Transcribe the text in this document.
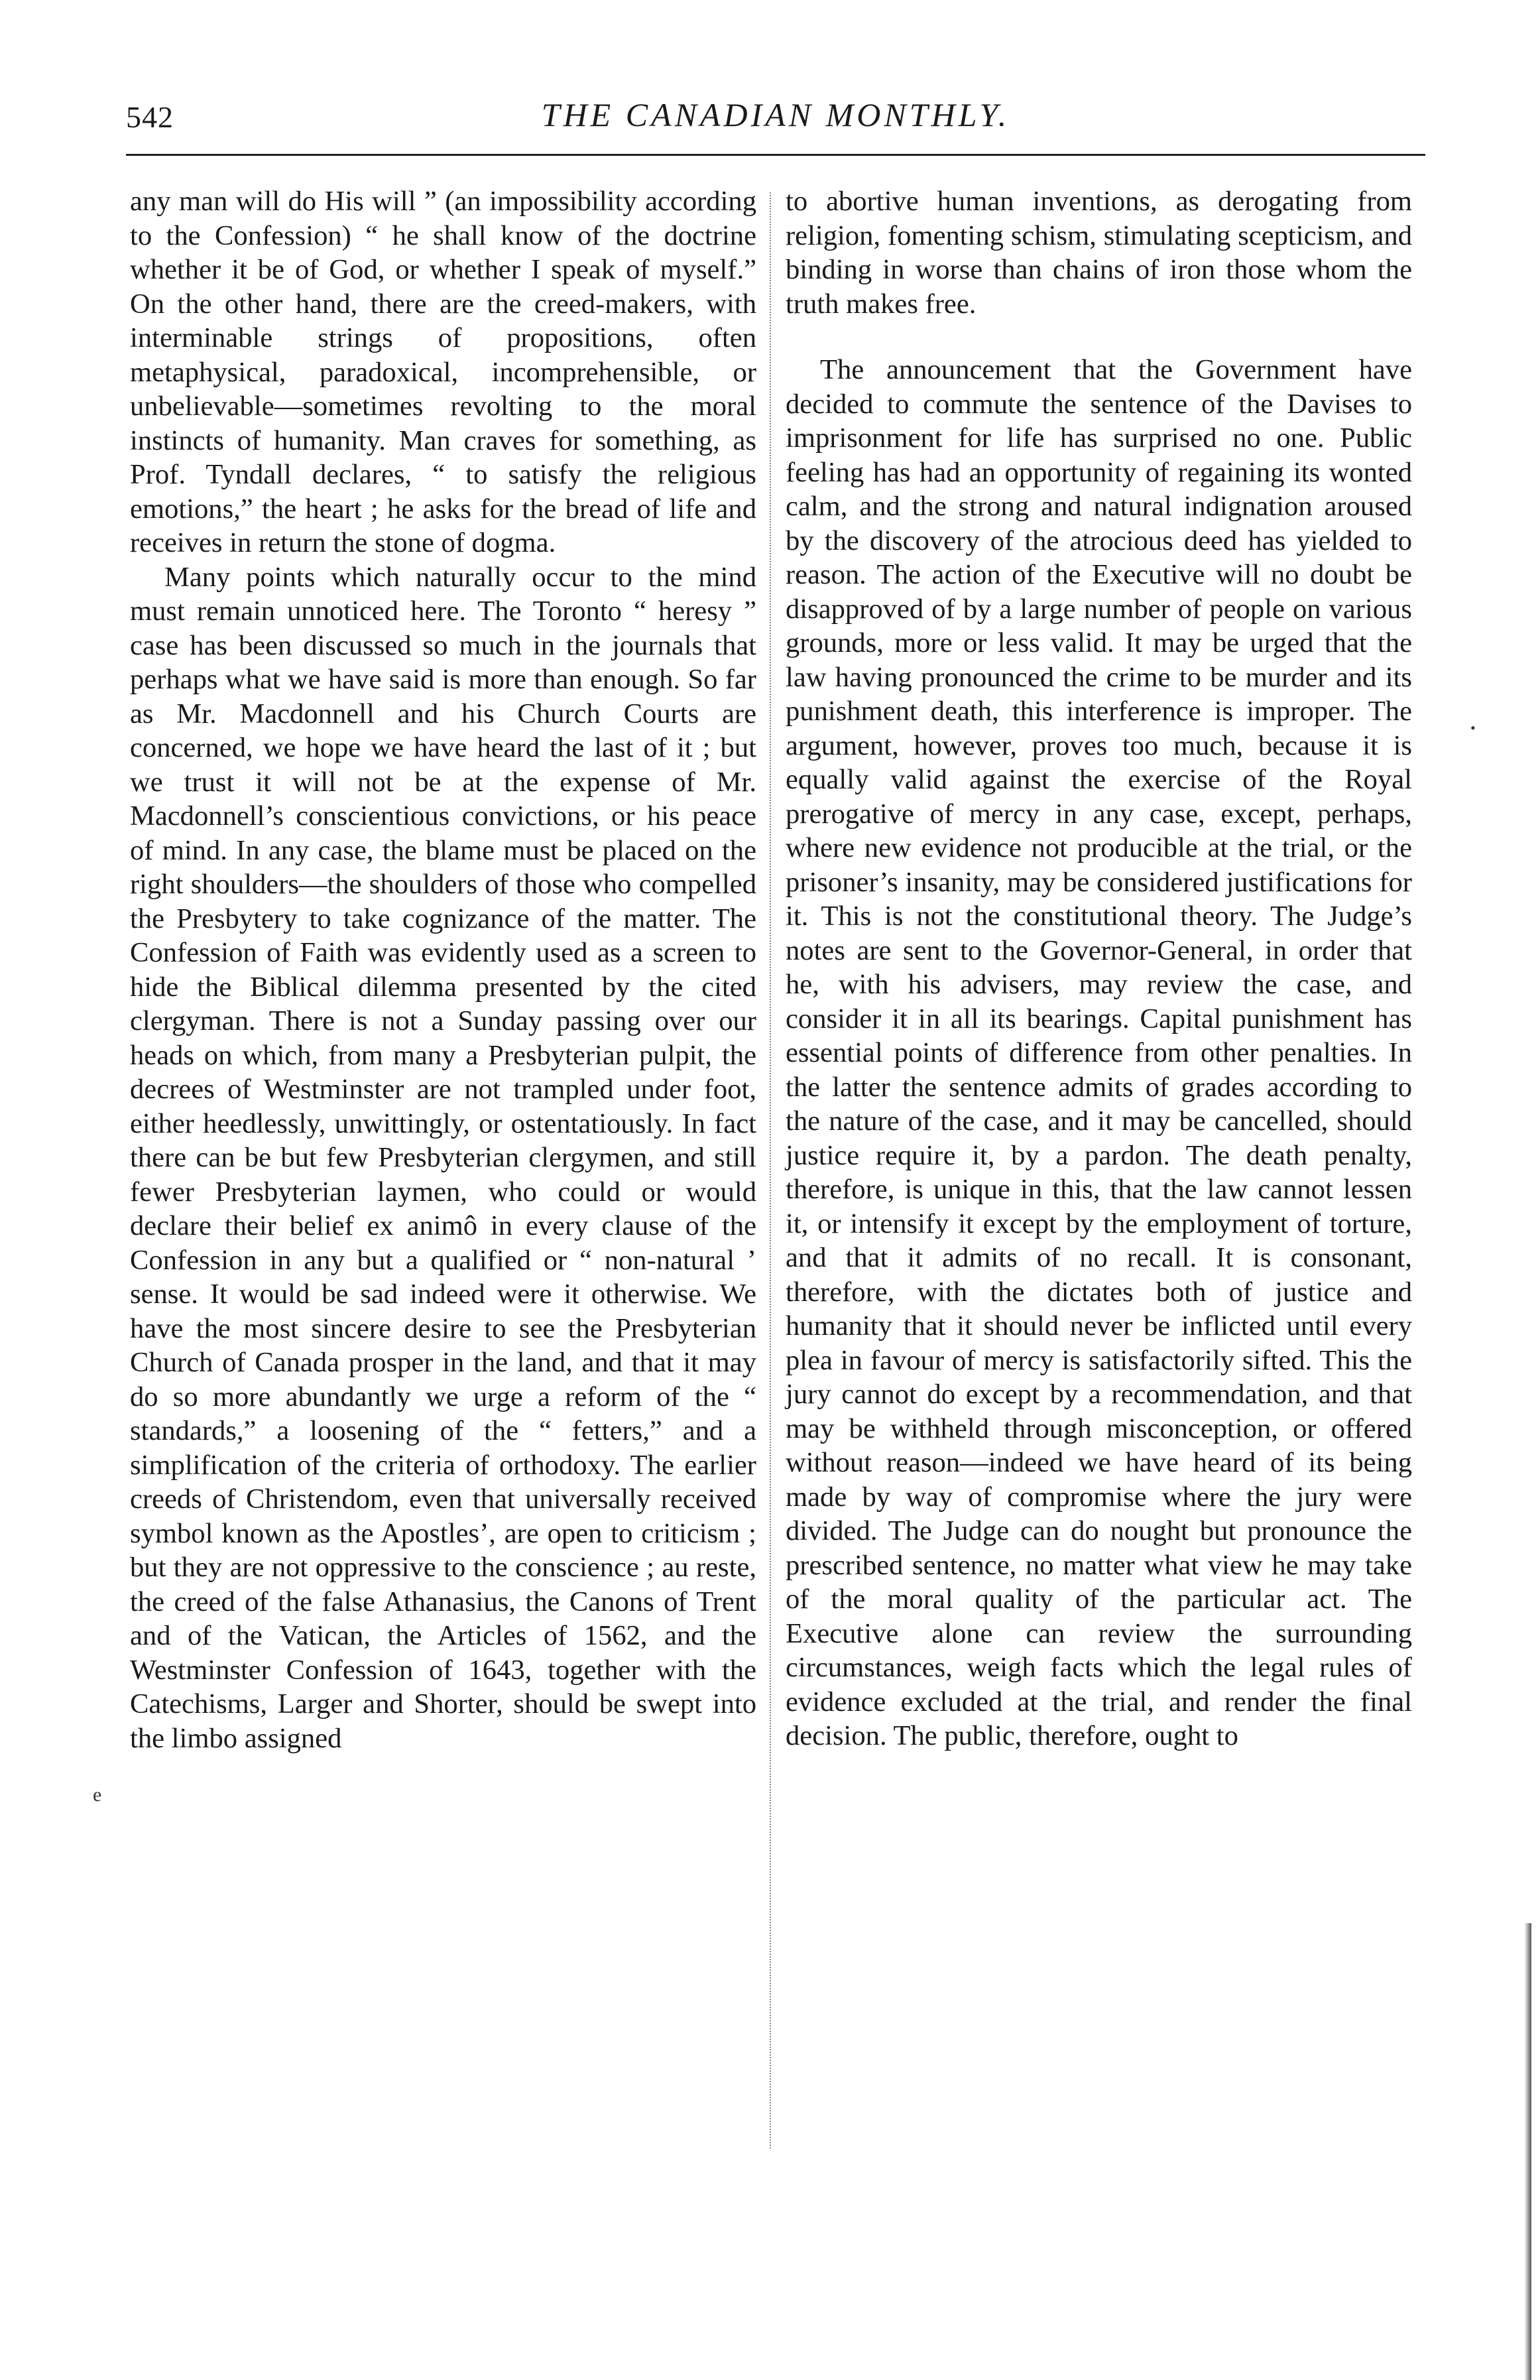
542	THE CANADIAN MONTHLY.

any man will do His will ” (an impossibility according to the Confession) “ he shall know of the doctrine whether it be of God, or whether I speak of myself.” On the other hand, there are the creed-makers, with interminable strings of propositions, often metaphysical, paradoxical, incomprehensible, or unbelievable—sometimes revolting to the moral instincts of humanity. Man craves for something, as Prof. Tyndall declares, “ to satisfy the religious emotions,” the heart ; he asks for the bread of life and receives in return the stone of dogma.

Many points which naturally occur to the mind must remain unnoticed here. The Toronto “ heresy ” case has been discussed so much in the journals that perhaps what we have said is more than enough. So far as Mr. Macdonnell and his Church Courts are concerned, we hope we have heard the last of it ; but we trust it will not be at the expense of Mr. Macdonnell’s conscientious convictions, or his peace of mind. In any case, the blame must be placed on the right shoulders—the shoulders of those who compelled the Presbytery to take cognizance of the matter. The Confession of Faith was evidently used as a screen to hide the Biblical dilemma presented by the cited clergyman. There is not a Sunday passing over our heads on which, from many a Presbyterian pulpit, the decrees of Westminster are not trampled under foot, either heedlessly, unwittingly, or ostentatiously. In fact there can be but few Presbyterian clergymen, and still fewer Presbyterian laymen, who could or would declare their belief ex animô in every clause of the Confession in any but a qualified or “ non-natural ’ sense. It would be sad indeed were it otherwise. We have the most sincere desire to see the Presbyterian Church of Canada prosper in the land, and that it may do so more abundantly we urge a reform of the “ standards,” a loosening of the “ fetters,” and a simplification of the criteria of orthodoxy. The earlier creeds of Christendom, even that universally received symbol known as the Apostles’, are open to criticism ; but they are not oppressive to the conscience ; au reste, the creed of the false Athanasius, the Canons of Trent and of the Vatican, the Articles of 1562, and the Westminster Confession of 1643, together with the Catechisms, Larger and Shorter, should be swept into the limbo assigned

to abortive human inventions, as derogating from religion, fomenting schism, stimulating scepticism, and binding in worse than chains of iron those whom the truth makes free.

The announcement that the Government have decided to commute the sentence of the Davises to imprisonment for life has surprised no one. Public feeling has had an opportunity of regaining its wonted calm, and the strong and natural indignation aroused by the discovery of the atrocious deed has yielded to reason. The action of the Executive will no doubt be disapproved of by a large number of people on various grounds, more or less valid. It may be urged that the law having pronounced the crime to be murder and its punishment death, this interference is improper. The argument, however, proves too much, because it is equally valid against the exercise of the Royal prerogative of mercy in any case, except, perhaps, where new evidence not producible at the trial, or the prisoner’s insanity, may be considered justifications for it. This is not the constitutional theory. The Judge’s notes are sent to the Governor-General, in order that he, with his advisers, may review the case, and consider it in all its bearings. Capital punishment has essential points of difference from other penalties. In the latter the sentence admits of grades according to the nature of the case, and it may be cancelled, should justice require it, by a pardon. The death penalty, therefore, is unique in this, that the law cannot lessen it, or intensify it except by the employment of torture, and that it admits of no recall. It is consonant, therefore, with the dictates both of justice and humanity that it should never be inflicted until every plea in favour of mercy is satisfactorily sifted. This the jury cannot do except by a recommendation, and that may be withheld through misconception, or offered without reason—indeed we have heard of its being made by way of compromise where the jury were divided. The Judge can do nought but pronounce the prescribed sentence, no matter what view he may take of the moral quality of the particular act. The Executive alone can review the surrounding circumstances, weigh facts which the legal rules of evidence excluded at the trial, and render the final decision. The public, therefore, ought to

e
•
